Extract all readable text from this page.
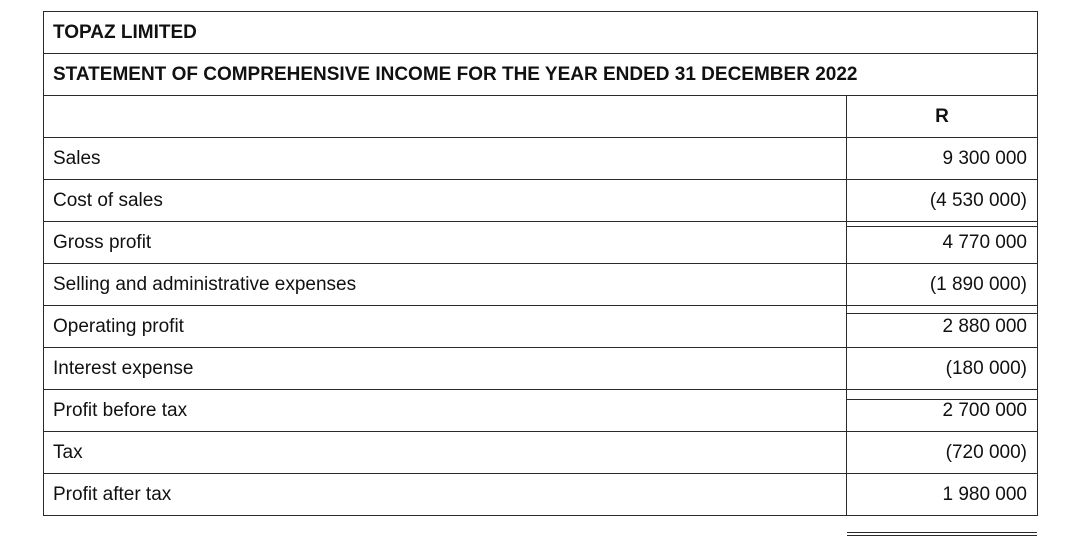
TOPAZ LIMITED	
STATEMENT OF COMPREHENSIVE INCOME FOR THE YEAR ENDED 31 DECEMBER 2022	
	R
Sales	9 300 000
Cost of sales	(4 530 000)
Gross profit	4 770 000
Selling and administrative expenses	(1 890 000)
Operating profit	2 880 000
Interest expense	(180 000)
Profit before tax	2 700 000
Tax	(720 000)
Profit after tax	1 980 000
